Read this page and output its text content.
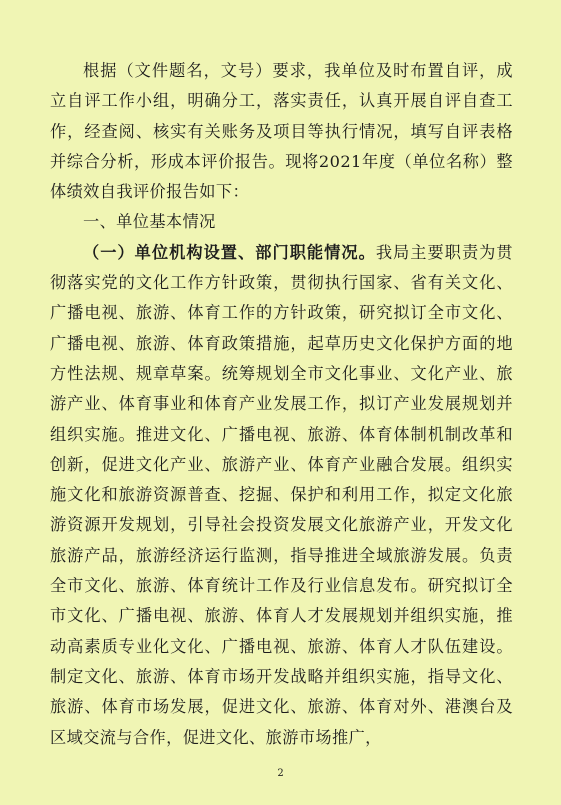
根据（文件题名，文号）要求，我单位及时布置自评，成立自评工作小组，明确分工，落实责任，认真开展自评自查工作，经查阅、核实有关账务及项目等执行情况，填写自评表格并综合分析，形成本评价报告。现将2021年度（单位名称）整体绩效自我评价报告如下：

一、单位基本情况

（一）单位机构设置、部门职能情况。我局主要职责为贯彻落实党的文化工作方针政策，贯彻执行国家、省有关文化、广播电视、旅游、体育工作的方针政策，研究拟订全市文化、广播电视、旅游、体育政策措施，起草历史文化保护方面的地方性法规、规章草案。统筹规划全市文化事业、文化产业、旅游产业、体育事业和体育产业发展工作，拟订产业发展规划并组织实施。推进文化、广播电视、旅游、体育体制机制改革和创新，促进文化产业、旅游产业、体育产业融合发展。组织实施文化和旅游资源普查、挖掘、保护和利用工作，拟定文化旅游资源开发规划，引导社会投资发展文化旅游产业，开发文化旅游产品，旅游经济运行监测，指导推进全域旅游发展。负责全市文化、旅游、体育统计工作及行业信息发布。研究拟订全市文化、广播电视、旅游、体育人才发展规划并组织实施，推动高素质专业化文化、广播电视、旅游、体育人才队伍建设。制定文化、旅游、体育市场开发战略并组织实施，指导文化、旅游、体育市场发展，促进文化、旅游、体育对外、港澳台及区域交流与合作，促进文化、旅游市场推广，

2
